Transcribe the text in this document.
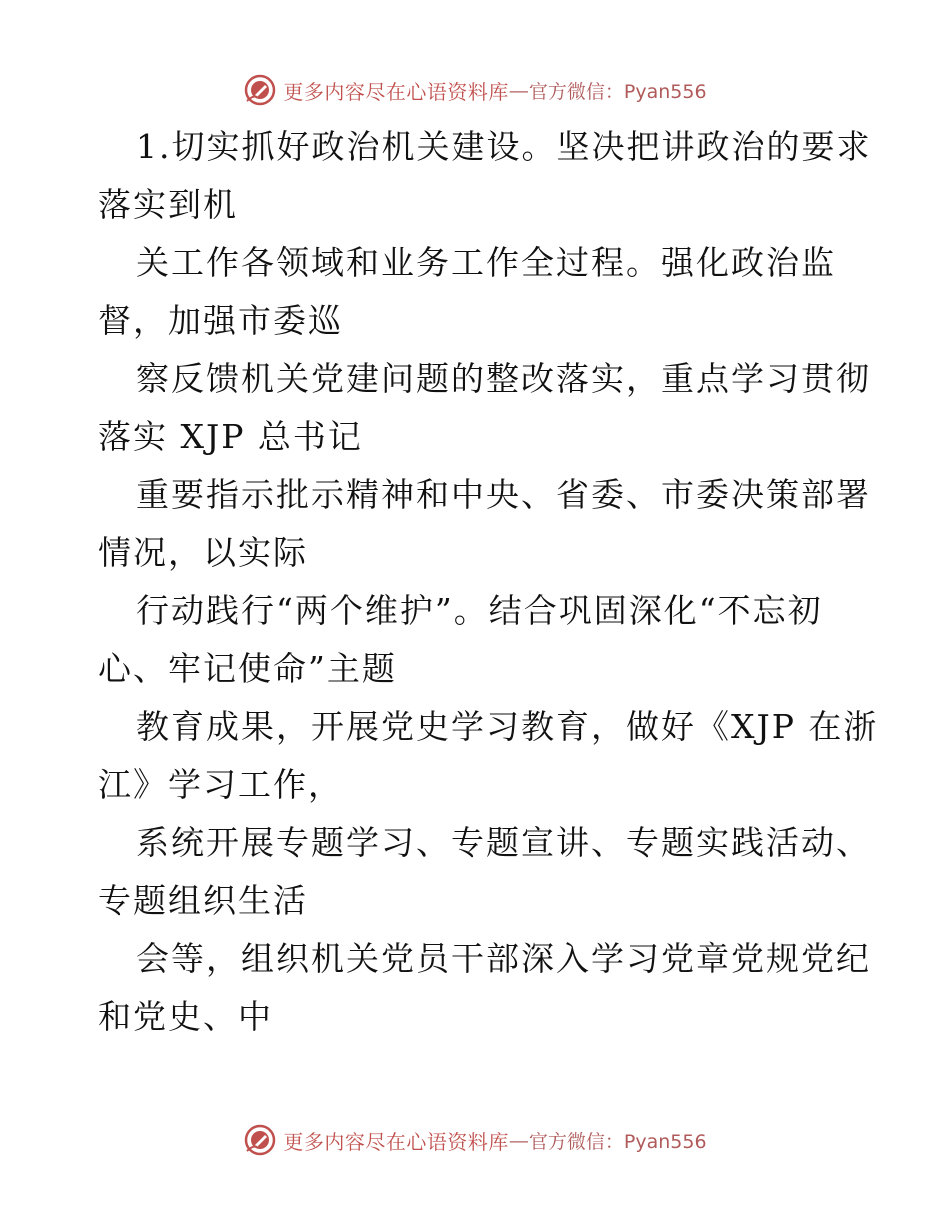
更多内容尽在心语资料库 — 官方微信：Pyan556
1.切实抓好政治机关建设。坚决把讲政治的要求
落实到机
关工作各领域和业务工作全过程。强化政治监
督，加强市委巡
察反馈机关党建问题的整改落实，重点学习贯彻
落实 XJP 总书记
重要指示批示精神和中央、省委、市委决策部署
情况，以实际
行动践行“两个维护”。结合巩固深化“不忘初
心、牢记使命”主题
教育成果，开展党史学习教育，做好《XJP 在浙
江》学习工作，
系统开展专题学习、专题宣讲、专题实践活动、
专题组织生活
会等，组织机关党员干部深入学习党章党规党纪
和党史、中
更多内容尽在心语资料库 — 官方微信：Pyan556
